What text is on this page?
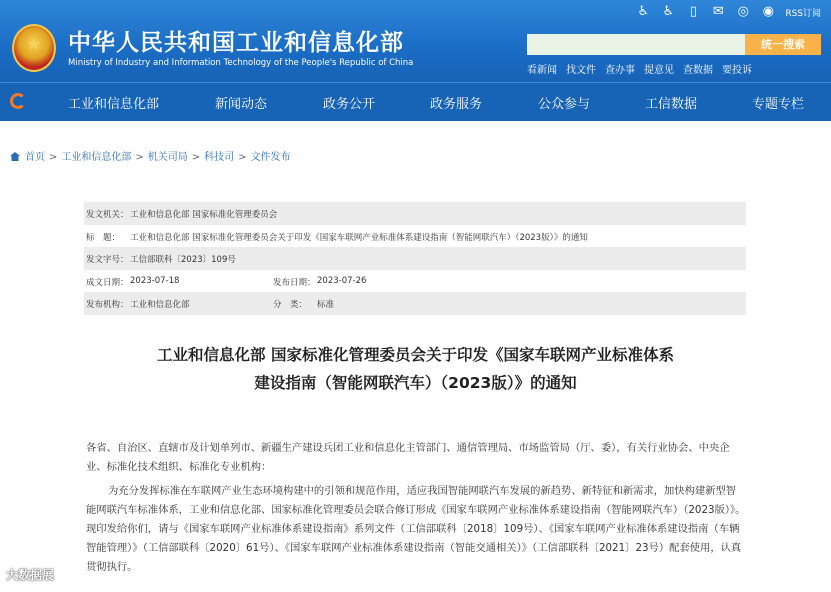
中华人民共和国工业和信息化部
Ministry of Industry and Information Technology of the People's Republic of China
♿ ♿	▯	✉ ◎ ◉ RSS订阅
统一搜索
看新闻 找文件 查办事 提意见 查数据 要投诉
工业和信息化部	新闻动态	政务公开	政务服务	公众参与	工信数据	专题专栏
首页 > 工业和信息化部 > 机关司局 > 科技司 > 文件发布
发文机关： 工业和信息化部 国家标准化管理委员会
标　题： 工业和信息化部 国家标准化管理委员会关于印发《国家车联网产业标准体系建设指南（智能网联汽车）（2023版）》的通知
发文字号： 工信部联科〔2023〕109号
成文日期： 2023-07-18	发布日期： 2023-07-26
发布机构： 工业和信息化部	分　类： 标准
工业和信息化部 国家标准化管理委员会关于印发《国家车联网产业标准体系
建设指南（智能网联汽车）（2023版）》的通知
各省、自治区、直辖市及计划单列市、新疆生产建设兵团工业和信息化主管部门、通信管理局、市场监管局（厅、委），有关行业协会、中央企业、标准化技术组织、标准化专业机构：
为充分发挥标准在车联网产业生态环境构建中的引领和规范作用，适应我国智能网联汽车发展的新趋势、新特征和新需求，加快构建新型智能网联汽车标准体系，工业和信息化部、国家标准化管理委员会联合修订形成《国家车联网产业标准体系建设指南（智能网联汽车）（2023版）》。现印发给你们，请与《国家车联网产业标准体系建设指南》系列文件（工信部联科〔2018〕109号）、《国家车联网产业标准体系建设指南（车辆智能管理）》（工信部联科〔2020〕61号）、《国家车联网产业标准体系建设指南（智能交通相关）》（工信部联科〔2021〕23号）配套使用，认真贯彻执行。
大数据展
